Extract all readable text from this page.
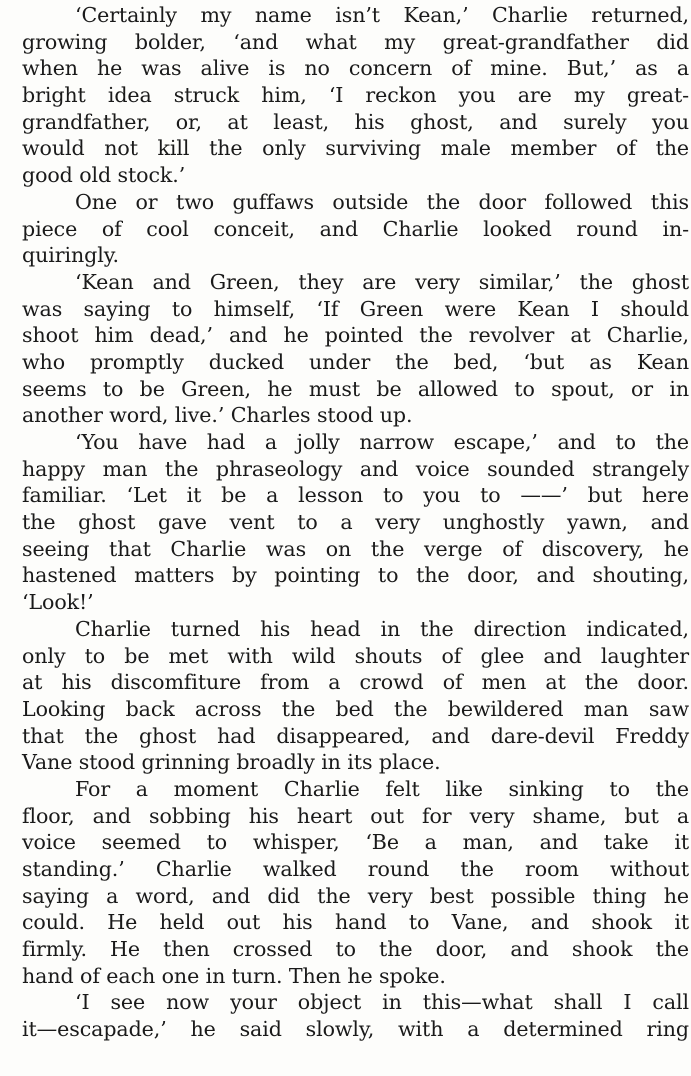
‘Certainly my name isn’t Kean,’ Charlie returned,
growing bolder, ‘and what my great-grandfather did
when he was alive is no concern of mine. But,’ as a
bright idea struck him, ‘I reckon you are my great-
grandfather, or, at least, his ghost, and surely you
would not kill the only surviving male member of the
good old stock.’
One or two guffaws outside the door followed this
piece of cool conceit, and Charlie looked round in-
quiringly.
‘Kean and Green, they are very similar,’ the ghost
was saying to himself, ‘If Green were Kean I should
shoot him dead,’ and he pointed the revolver at Charlie,
who promptly ducked under the bed, ‘but as Kean
seems to be Green, he must be allowed to spout, or in
another word, live.’ Charles stood up.
‘You have had a jolly narrow escape,’ and to the
happy man the phraseology and voice sounded strangely
familiar. ‘Let it be a lesson to you to ——’ but here
the ghost gave vent to a very unghostly yawn, and
seeing that Charlie was on the verge of discovery, he
hastened matters by pointing to the door, and shouting,
‘Look!’
Charlie turned his head in the direction indicated,
only to be met with wild shouts of glee and laughter
at his discomfiture from a crowd of men at the door.
Looking back across the bed the bewildered man saw
that the ghost had disappeared, and dare-devil Freddy
Vane stood grinning broadly in its place.
For a moment Charlie felt like sinking to the
floor, and sobbing his heart out for very shame, but a
voice seemed to whisper, ‘Be a man, and take it
standing.’ Charlie walked round the room without
saying a word, and did the very best possible thing he
could. He held out his hand to Vane, and shook it
firmly. He then crossed to the door, and shook the
hand of each one in turn. Then he spoke.
‘I see now your object in this—what shall I call
it—escapade,’ he said slowly, with a determined ring
